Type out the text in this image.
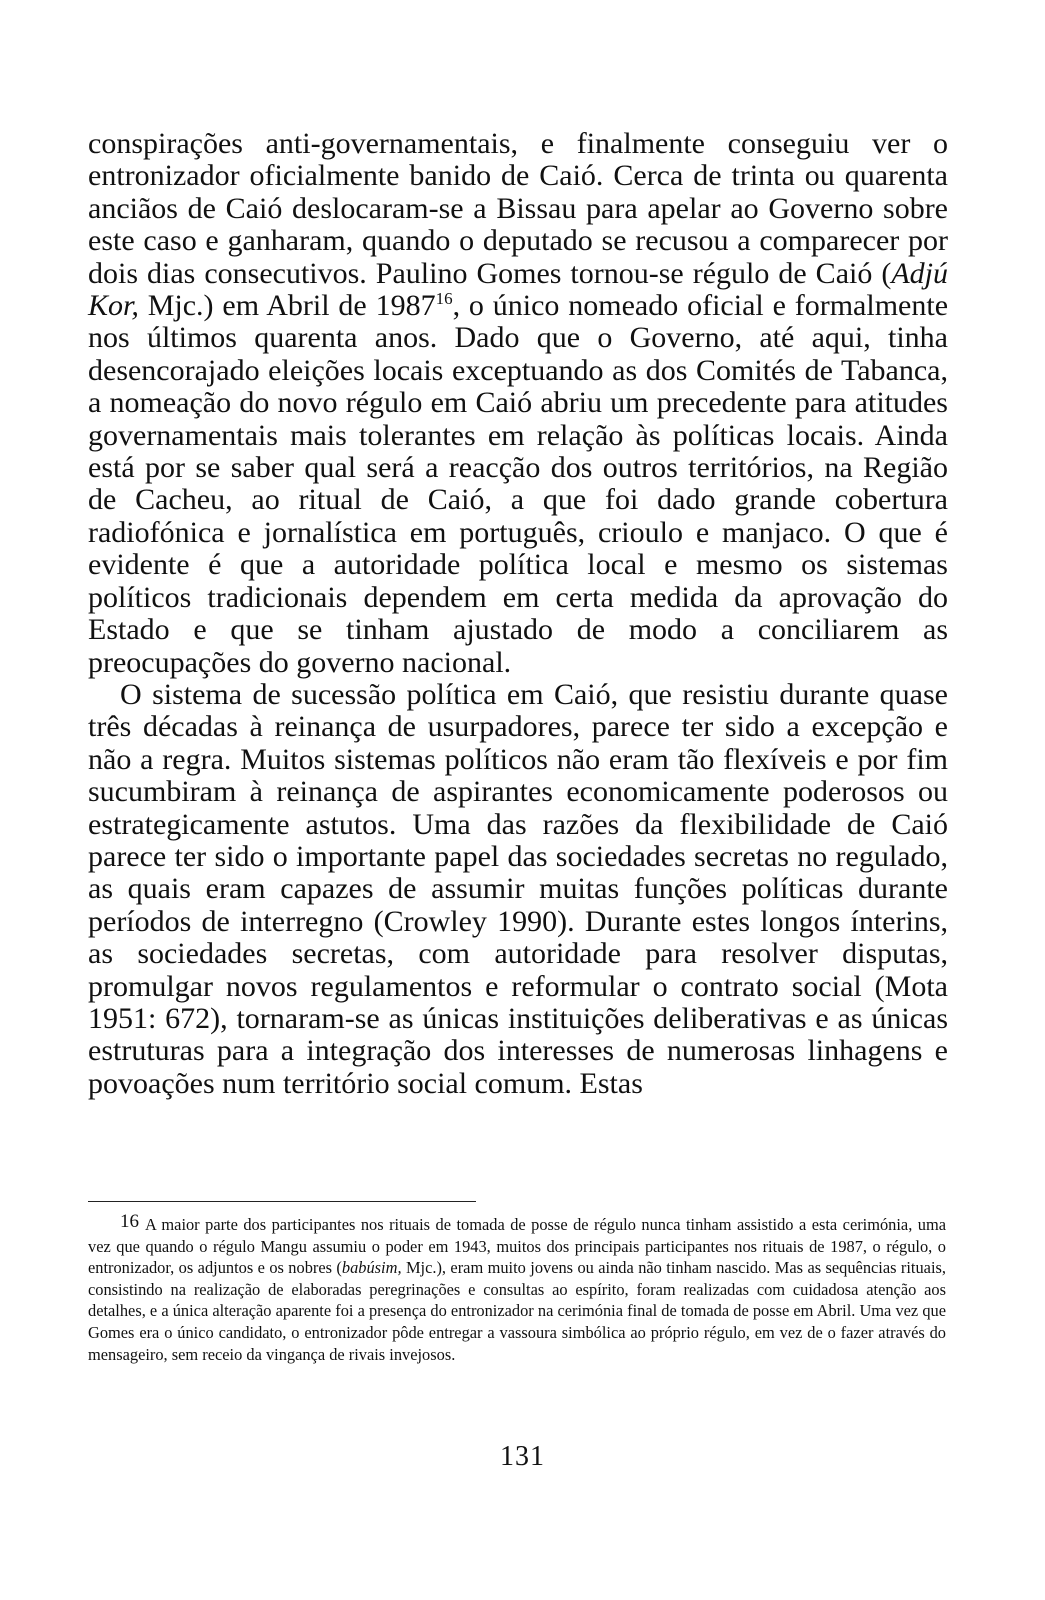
conspirações anti-governamentais, e finalmente conseguiu ver o entronizador oficialmente banido de Caió. Cerca de trinta ou quarenta anciãos de Caió deslocaram-se a Bissau para apelar ao Governo sobre este caso e ganharam, quando o deputado se recusou a comparecer por dois dias consecutivos. Paulino Gomes tornou-se régulo de Caió (Adjú Kor, Mjc.) em Abril de 1987$^{16}$, o único nomeado oficial e formalmente nos últimos quarenta anos. Dado que o Governo, até aqui, tinha desencorajado eleições locais exceptuando as dos Comités de Tabanca, a nomeação do novo régulo em Caió abriu um precedente para atitudes governamentais mais tolerantes em relação às políticas locais. Ainda está por se saber qual será a reacção dos outros territórios, na Região de Cacheu, ao ritual de Caió, a que foi dado grande cobertura radiofónica e jornalística em português, crioulo e manjaco. O que é evidente é que a autoridade política local e mesmo os sistemas políticos tradicionais dependem em certa medida da aprovação do Estado e que se tinham ajustado de modo a conciliarem as preocupações do governo nacional.

O sistema de sucessão política em Caió, que resistiu durante quase três décadas à reinança de usurpadores, parece ter sido a excepção e não a regra. Muitos sistemas políticos não eram tão flexíveis e por fim sucumbiram à reinança de aspirantes economicamente poderosos ou estrategicamente astutos. Uma das razões da flexibilidade de Caió parece ter sido o importante papel das sociedades secretas no regulado, as quais eram capazes de assumir muitas funções políticas durante períodos de interregno (Crowley 1990). Durante estes longos ínterins, as sociedades secretas, com autoridade para resolver disputas, promulgar novos regulamentos e reformular o contrato social (Mota 1951: 672), tornaram-se as únicas instituições deliberativas e as únicas estruturas para a integração dos interesses de numerosas linhagens e povoações num território social comum. Estas

16 A maior parte dos participantes nos rituais de tomada de posse de régulo nunca tinham assistido a esta cerimónia, uma vez que quando o régulo Mangu assumiu o poder em 1943, muitos dos principais participantes nos rituais de 1987, o régulo, o entronizador, os adjuntos e os nobres (babúsim, Mjc.), eram muito jovens ou ainda não tinham nascido. Mas as sequências rituais, consistindo na realização de elaboradas peregrinações e consultas ao espírito, foram realizadas com cuidadosa atenção aos detalhes, e a única alteração aparente foi a presença do entronizador na cerimónia final de tomada de posse em Abril. Uma vez que Gomes era o único candidato, o entronizador pôde entregar a vassoura simbólica ao próprio régulo, em vez de o fazer através do mensageiro, sem receio da vingança de rivais invejosos.

131
